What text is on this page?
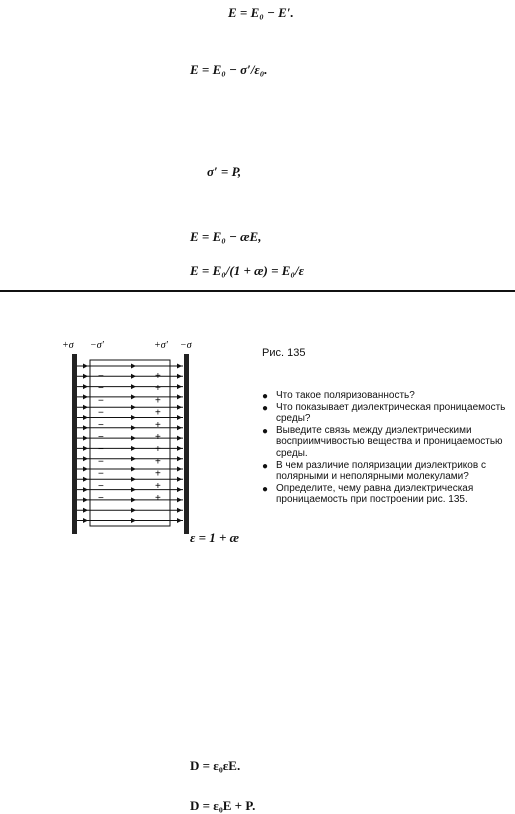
E = E₀ − E′.
E = E₀ − σ′/ε₀.
σ′ = P,
E = E₀ − æE,
E = E₀/(1 + æ) = E₀/ε
+σ −σ′	+σ′ −σ
−	+
−	+
−	+
−	+
−	+
−	+
−	+
−	+
−	+
−	+
−	+
Рис. 135
● Что такое поляризованность?
● Что показывает диэлектрическая проницаемость среды?
● Выведите связь между диэлектрическими восприимчивостью вещества и проницаемостью среды.
● В чем различие поляризации диэлектриков с полярными и неполярными молекулами?
● Определите, чему равна диэлектрическая проницаемость при построении рис. 135.
ε = 1 + æ
D = ε₀εE.
D = ε₀E + P.
